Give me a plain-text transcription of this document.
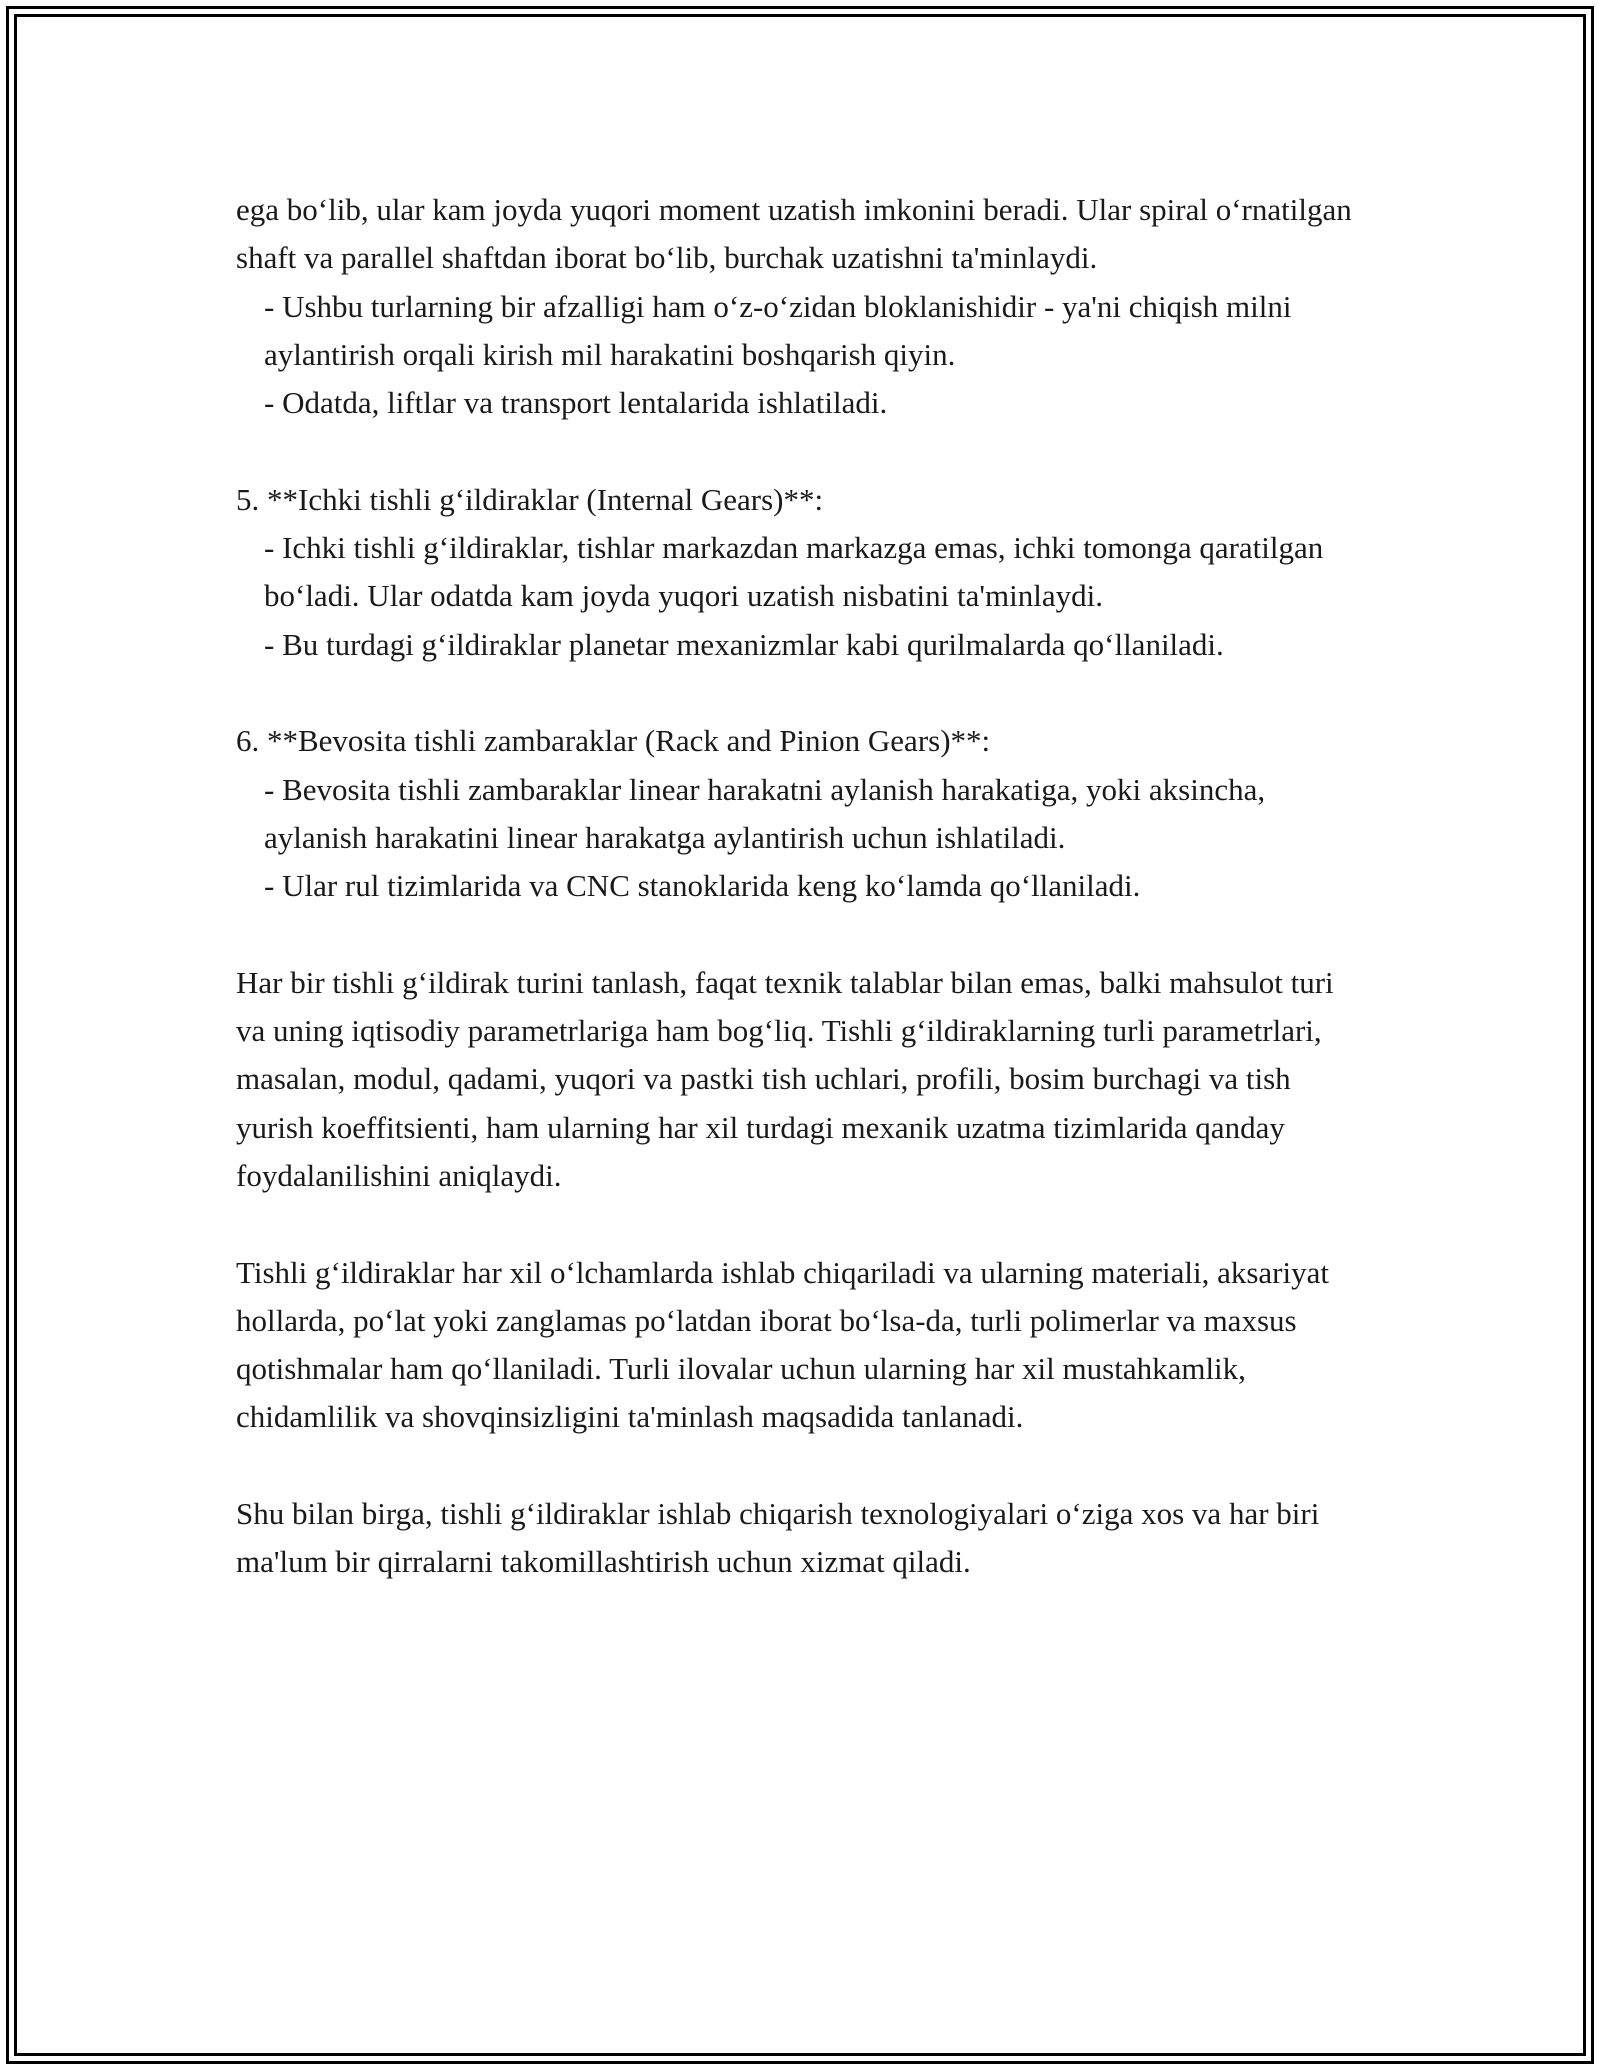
ega bo‘lib, ular kam joyda yuqori moment uzatish imkonini beradi. Ular spiral o‘rnatilgan shaft va parallel shaftdan iborat bo‘lib, burchak uzatishni ta'minlaydi.

- Ushbu turlarning bir afzalligi ham o‘z-o‘zidan bloklanishidir - ya'ni chiqish milni aylantirish orqali kirish mil harakatini boshqarish qiyin.

- Odatda, liftlar va transport lentalarida ishlatiladi.

5. **Ichki tishli g‘ildiraklar (Internal Gears)**:

- Ichki tishli g‘ildiraklar, tishlar markazdan markazga emas, ichki tomonga qaratilgan bo‘ladi. Ular odatda kam joyda yuqori uzatish nisbatini ta'minlaydi.

- Bu turdagi g‘ildiraklar planetar mexanizmlar kabi qurilmalarda qo‘llaniladi.

6. **Bevosita tishli zambaraklar (Rack and Pinion Gears)**:

- Bevosita tishli zambaraklar linear harakatni aylanish harakatiga, yoki aksincha, aylanish harakatini linear harakatga aylantirish uchun ishlatiladi.

- Ular rul tizimlarida va CNC stanoklarida keng ko‘lamda qo‘llaniladi.

Har bir tishli g‘ildirak turini tanlash, faqat texnik talablar bilan emas, balki mahsulot turi va uning iqtisodiy parametrlariga ham bog‘liq. Tishli g‘ildiraklarning turli parametrlari, masalan, modul, qadami, yuqori va pastki tish uchlari, profili, bosim burchagi va tish yurish koeffitsienti, ham ularning har xil turdagi mexanik uzatma tizimlarida qanday foydalanilishini aniqlaydi.

Tishli g‘ildiraklar har xil o‘lchamlarda ishlab chiqariladi va ularning materiali, aksariyat hollarda, po‘lat yoki zanglamas po‘latdan iborat bo‘lsa-da, turli polimerlar va maxsus qotishmalar ham qo‘llaniladi. Turli ilovalar uchun ularning har xil mustahkamlik, chidamlilik va shovqinsizligini ta'minlash maqsadida tanlanadi.

Shu bilan birga, tishli g‘ildiraklar ishlab chiqarish texnologiyalari o‘ziga xos va har biri ma'lum bir qirralarni takomillashtirish uchun xizmat qiladi.
